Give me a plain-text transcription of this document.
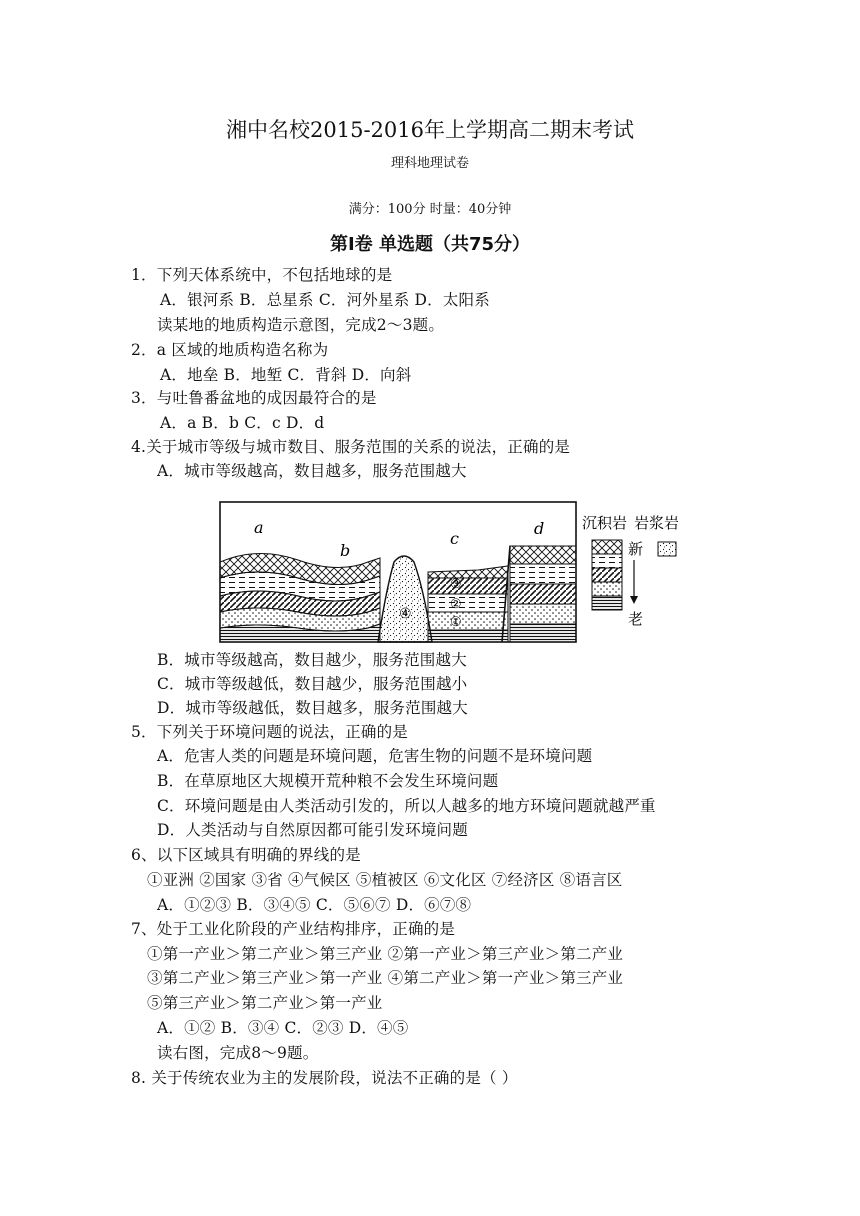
湘中名校2015-2016年上学期高二期末考试
理科地理试卷
满分：100分 时量：40分钟
第Ⅰ卷 单选题（共75分）
1．下列天体系统中，不包括地球的是
A．银河系 B．总星系 C．河外星系 D．太阳系
读某地的地质构造示意图，完成2～3题。
2．a 区域的地质构造名称为
A．地垒 B．地堑 C．背斜 D．向斜
3．与吐鲁番盆地的成因最符合的是
A．a B．b C．c D．d
4.关于城市等级与城市数目、服务范围的关系的说法，正确的是
A．城市等级越高，数目越多，服务范围越大
a
b
c
d
③
②
①
④
沉积岩 岩浆岩
新
老
B．城市等级越高，数目越少，服务范围越大
C．城市等级越低，数目越少，服务范围越小
D．城市等级越低，数目越多，服务范围越大
5．下列关于环境问题的说法，正确的是
A．危害人类的问题是环境问题，危害生物的问题不是环境问题
B．在草原地区大规模开荒种粮不会发生环境问题
C．环境问题是由人类活动引发的，所以人越多的地方环境问题就越严重
D．人类活动与自然原因都可能引发环境问题
6、以下区域具有明确的界线的是
①亚洲 ②国家 ③省 ④气候区 ⑤植被区 ⑥文化区 ⑦经济区 ⑧语言区
A．①②③ B．③④⑤ C．⑤⑥⑦ D．⑥⑦⑧
7、处于工业化阶段的产业结构排序，正确的是
①第一产业＞第二产业＞第三产业 ②第一产业＞第三产业＞第二产业
③第二产业＞第三产业＞第一产业 ④第二产业＞第一产业＞第三产业
⑤第三产业＞第二产业＞第一产业
A．①② B．③④ C．②③ D．④⑤
读右图，完成8～9题。
8. 关于传统农业为主的发展阶段，说法不正确的是（ ）
